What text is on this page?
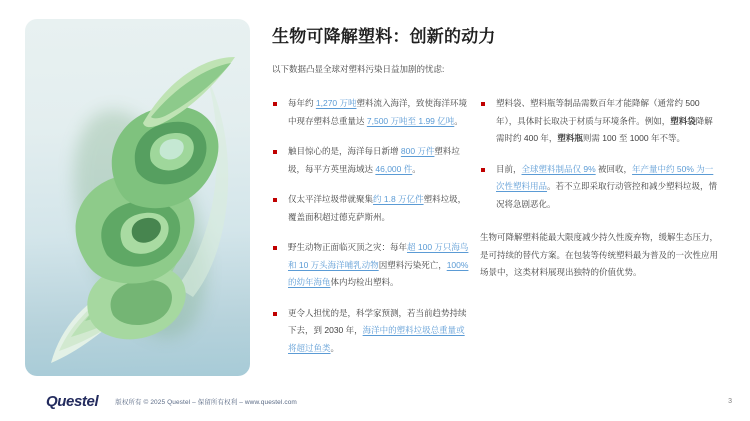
生物可降解塑料：创新的动力

以下数据凸显全球对塑料污染日益加剧的忧虑:

每年约 1,270 万吨塑料流入海洋，致使海洋环境中现存塑料总重量达 7,500 万吨至 1.99 亿吨。
触目惊心的是，海洋每日新增 800 万件塑料垃圾，每平方英里海域达 46,000 件。
仅太平洋垃圾带就聚集约 1.8 万亿件塑料垃圾，覆盖面积超过德克萨斯州。
野生动物正面临灭顶之灾：每年超 100 万只海鸟和 10 万头海洋哺乳动物因塑料污染死亡，100% 的幼年海龟体内均检出塑料。
更令人担忧的是，科学家预测，若当前趋势持续下去，到 2030 年，海洋中的塑料垃圾总重量或将超过鱼类。
塑料袋、塑料瓶等制品需数百年才能降解（通常约 500 年），具体时长取决于材质与环境条件。例如，塑料袋降解需时约 400 年，塑料瓶则需 100 至 1000 年不等。
目前，全球塑料制品仅 9% 被回收，年产量中约 50% 为一次性塑料用品。若不立即采取行动管控和减少塑料垃圾，情况将急剧恶化。

生物可降解塑料能最大限度减少持久性废弃物，缓解生态压力，是可持续的替代方案。在包装等传统塑料最为普及的一次性应用场景中，这类材料展现出独特的价值优势。

Questel	版权所有 © 2025 Questel – 保留所有权利 – www.questel.com	3
